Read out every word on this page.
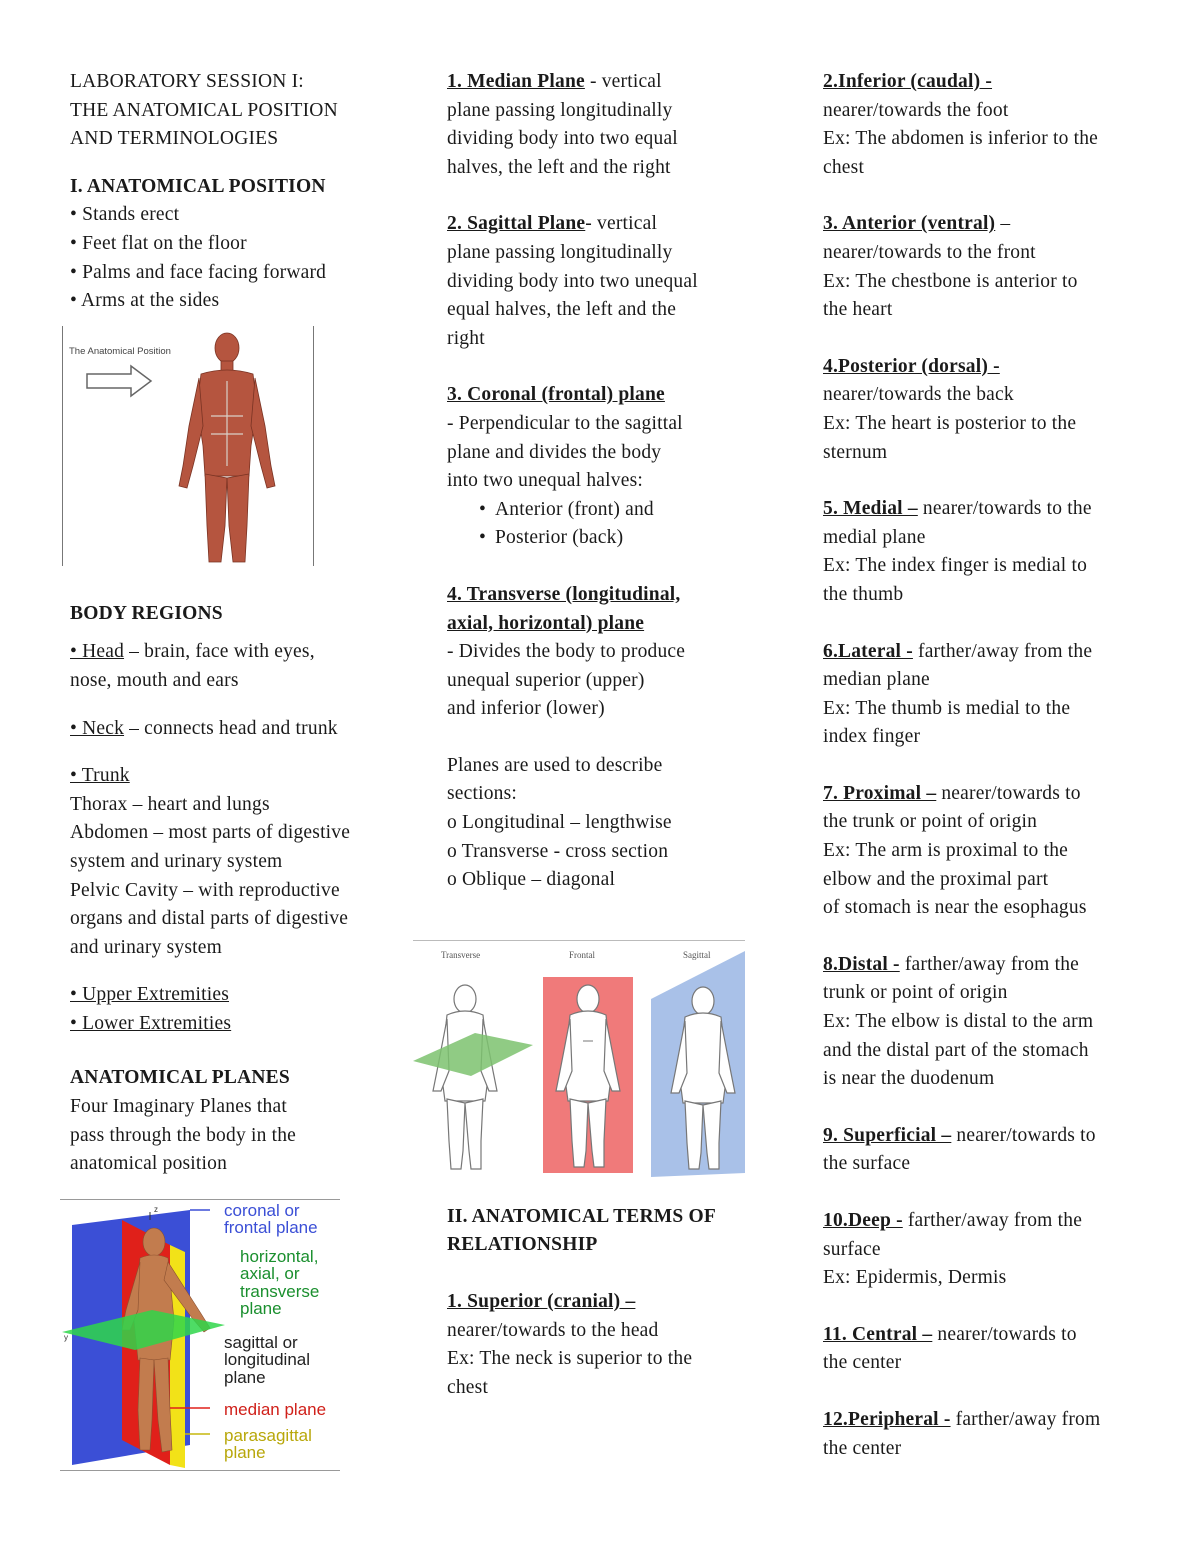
LABORATORY SESSION I:
THE ANATOMICAL POSITION
AND TERMINOLOGIES
I. ANATOMICAL POSITION
• Stands erect
• Feet flat on the floor
• Palms and face facing forward
• Arms at the sides
The Anatomical Position
BODY REGIONS
• Head – brain, face with eyes,
nose, mouth and ears
• Neck – connects head and trunk
• Trunk
Thorax – heart and lungs
Abdomen – most parts of digestive
system and urinary system
Pelvic Cavity – with reproductive
organs and distal parts of digestive
and urinary system
• Upper Extremities
• Lower Extremities
ANATOMICAL PLANES
Four Imaginary Planes that
pass through the body in the
anatomical position
z
y
coronal or
frontal plane
horizontal,
axial, or
transverse
plane
sagittal or
longitudinal
plane
median plane
parasagittal
plane
1. Median Plane - vertical
plane passing longitudinally
dividing body into two equal
halves, the left and the right
2. Sagittal Plane- vertical
plane passing longitudinally
dividing body into two unequal
equal halves, the left and the
right
3. Coronal (frontal) plane
- Perpendicular to the sagittal
plane and divides the body
into two unequal halves:
• Anterior (front) and
• Posterior (back)
4. Transverse (longitudinal,
axial, horizontal) plane
- Divides the body to produce
unequal superior (upper)
and inferior (lower)
Planes are used to describe
sections:
o Longitudinal – lengthwise
o Transverse - cross section
o Oblique – diagonal
Transverse	Frontal	Sagittal
II. ANATOMICAL TERMS OF
RELATIONSHIP
1. Superior (cranial) –
nearer/towards to the head
Ex: The neck is superior to the
chest
2.Inferior (caudal) -
nearer/towards the foot
Ex: The abdomen is inferior to the
chest
3. Anterior (ventral) –
nearer/towards to the front
Ex: The chestbone is anterior to
the heart
4.Posterior (dorsal) -
nearer/towards the back
Ex: The heart is posterior to the
sternum
5. Medial – nearer/towards to the
medial plane
Ex: The index finger is medial to
the thumb
6.Lateral - farther/away from the
median plane
Ex: The thumb is medial to the
index finger
7. Proximal – nearer/towards to
the trunk or point of origin
Ex: The arm is proximal to the
elbow and the proximal part
of stomach is near the esophagus
8.Distal - farther/away from the
trunk or point of origin
Ex: The elbow is distal to the arm
and the distal part of the stomach
is near the duodenum
9. Superficial – nearer/towards to
the surface
10.Deep - farther/away from the
surface
Ex: Epidermis, Dermis
11. Central – nearer/towards to
the center
12.Peripheral - farther/away from
the center
